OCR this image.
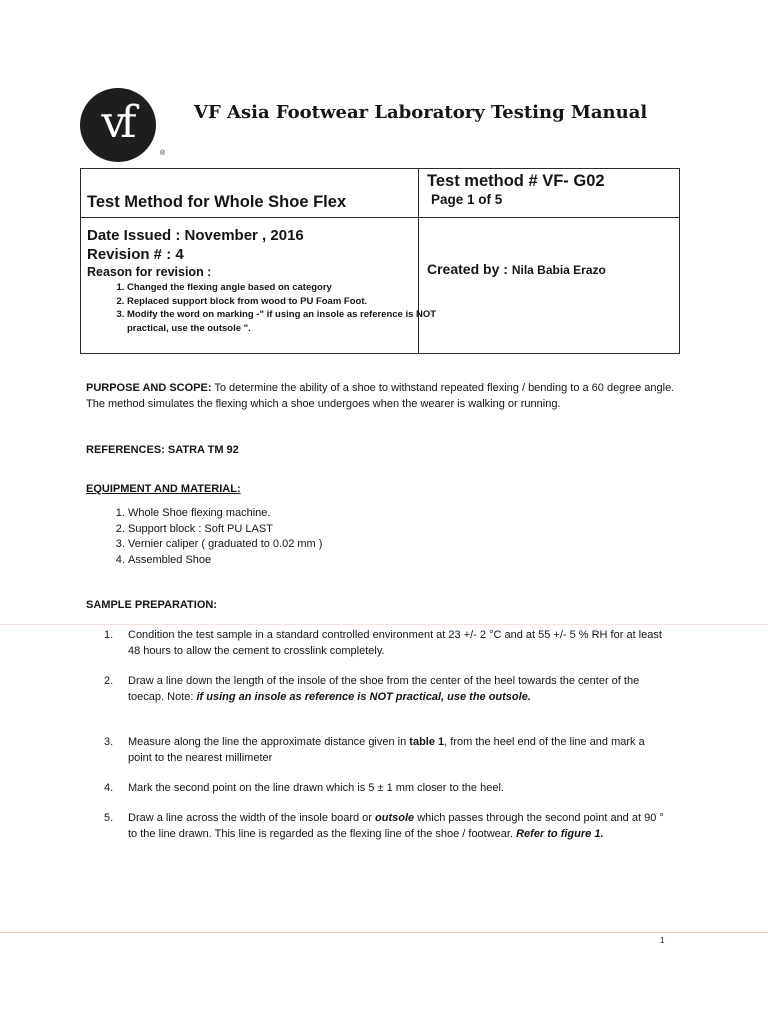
vf
®
VF Asia Footwear Laboratory Testing Manual
Test Method for Whole Shoe Flex
Test method # VF- G02
Page 1 of 5
Date Issued : November , 2016
Revision # : 4
Reason for revision :
1. Changed the flexing angle based on category
2. Replaced support block from wood to PU Foam Foot.
3. Modify the word on marking -" if using an insole as reference is NOT practical, use the outsole ".
Created by : Nila Babia Erazo
PURPOSE AND SCOPE: To determine the ability of a shoe to withstand repeated flexing / bending to a 60 degree angle. The method simulates the flexing which a shoe undergoes when the wearer is walking or running.
REFERENCES: SATRA TM 92
EQUIPMENT AND MATERIAL:
1. Whole Shoe flexing machine.
2. Support block : Soft PU LAST
3. Vernier caliper ( graduated to 0.02 mm )
4. Assembled Shoe
SAMPLE PREPARATION:
1. Condition the test sample in a standard controlled environment at 23 +/- 2 °C and at 55 +/- 5 % RH for at least 48 hours to allow the cement to crosslink completely.
2. Draw a line down the length of the insole of the shoe from the center of the heel towards the center of the toecap. Note: if using an insole as reference is NOT practical, use the outsole.
3. Measure along the line the approximate distance given in table 1, from the heel end of the line and mark a point to the nearest millimeter
4. Mark the second point on the line drawn which is 5 ± 1 mm closer to the heel.
5. Draw a line across the width of the insole board or outsole which passes through the second point and at 90 ° to the line drawn. This line is regarded as the flexing line of the shoe / footwear. Refer to figure 1.
1
